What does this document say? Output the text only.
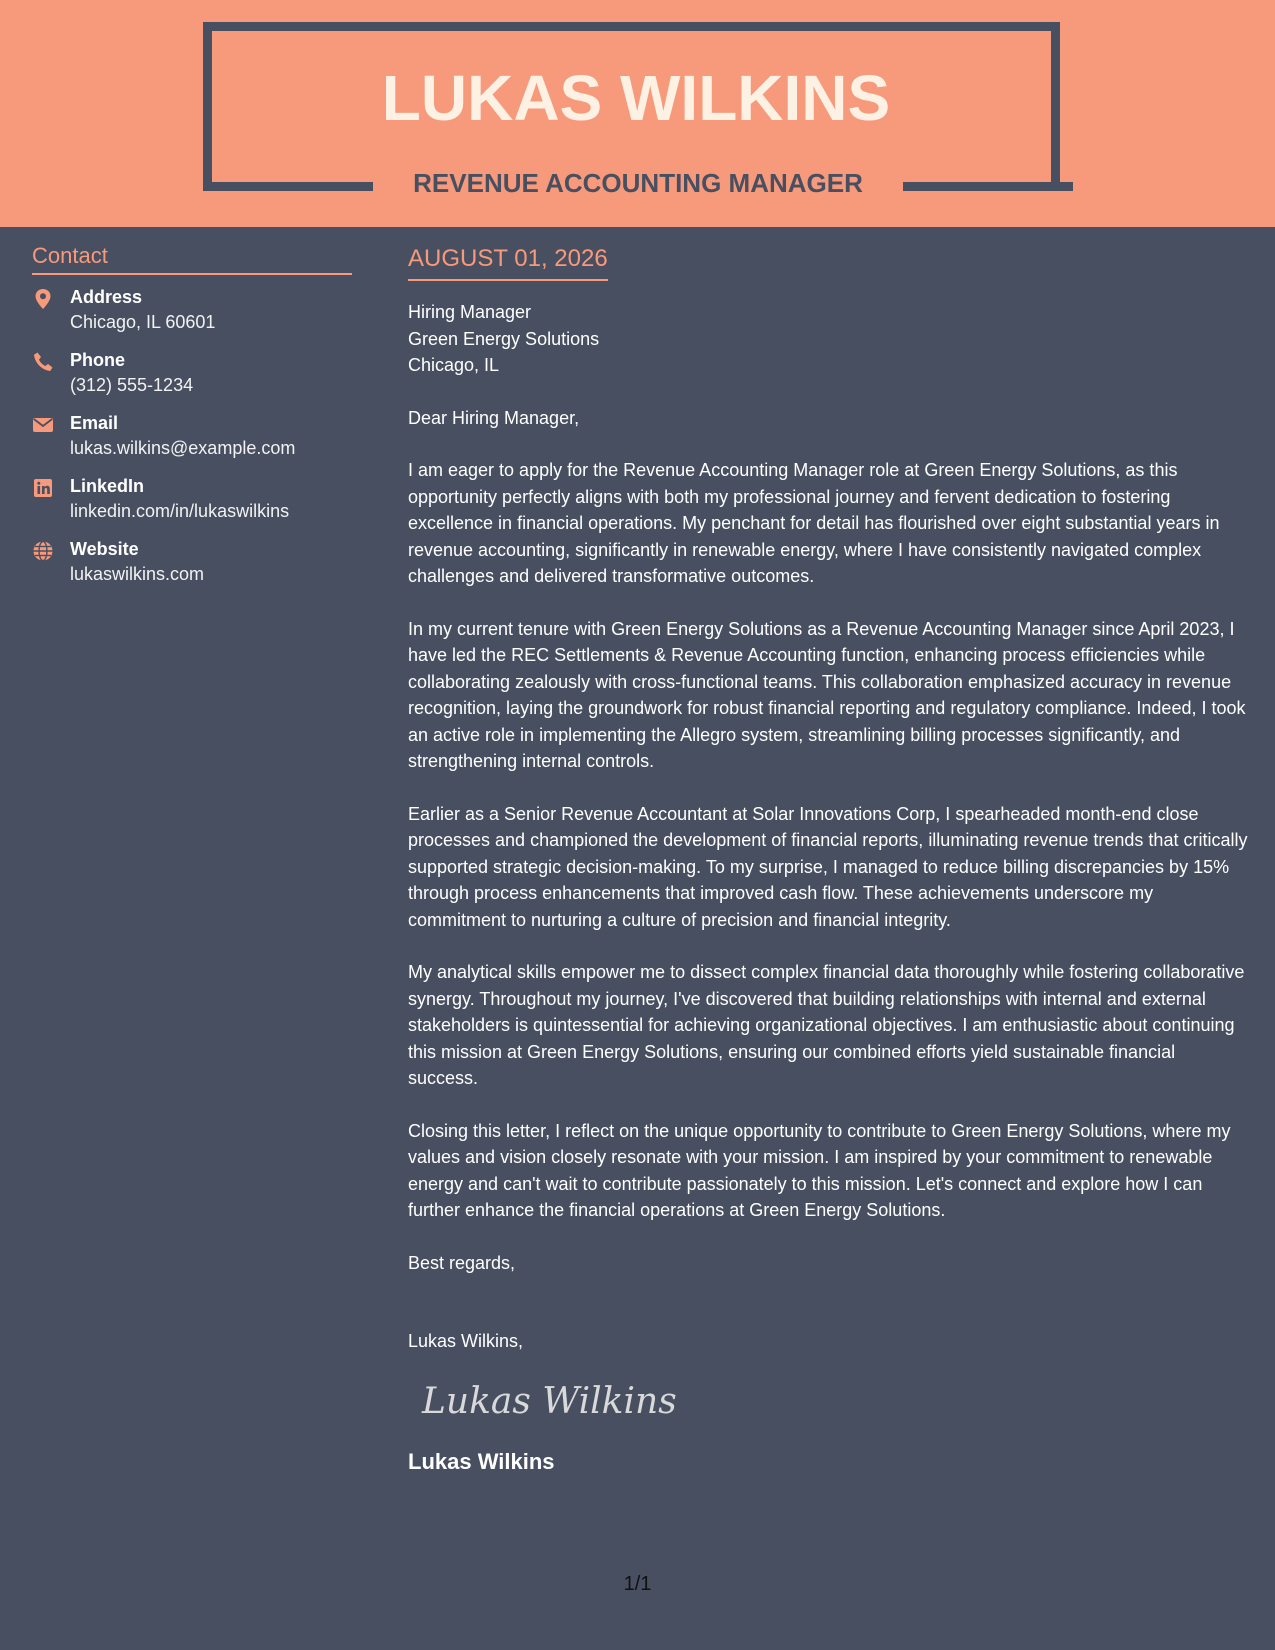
LUKAS WILKINS
REVENUE ACCOUNTING MANAGER
Contact
Address
Chicago, IL 60601
Phone
(312) 555-1234
Email
lukas.wilkins@example.com
LinkedIn
linkedin.com/in/lukaswilkins
Website
lukaswilkins.com
AUGUST 01, 2026
Hiring Manager
Green Energy Solutions
Chicago, IL
Dear Hiring Manager,
I am eager to apply for the Revenue Accounting Manager role at Green Energy Solutions, as this opportunity perfectly aligns with both my professional journey and fervent dedication to fostering excellence in financial operations. My penchant for detail has flourished over eight substantial years in revenue accounting, significantly in renewable energy, where I have consistently navigated complex challenges and delivered transformative outcomes.
In my current tenure with Green Energy Solutions as a Revenue Accounting Manager since April 2023, I have led the REC Settlements & Revenue Accounting function, enhancing process efficiencies while collaborating zealously with cross-functional teams. This collaboration emphasized accuracy in revenue recognition, laying the groundwork for robust financial reporting and regulatory compliance. Indeed, I took an active role in implementing the Allegro system, streamlining billing processes significantly, and strengthening internal controls.
Earlier as a Senior Revenue Accountant at Solar Innovations Corp, I spearheaded month-end close processes and championed the development of financial reports, illuminating revenue trends that critically supported strategic decision-making. To my surprise, I managed to reduce billing discrepancies by 15% through process enhancements that improved cash flow. These achievements underscore my commitment to nurturing a culture of precision and financial integrity.
My analytical skills empower me to dissect complex financial data thoroughly while fostering collaborative synergy. Throughout my journey, I've discovered that building relationships with internal and external stakeholders is quintessential for achieving organizational objectives. I am enthusiastic about continuing this mission at Green Energy Solutions, ensuring our combined efforts yield sustainable financial success.
Closing this letter, I reflect on the unique opportunity to contribute to Green Energy Solutions, where my values and vision closely resonate with your mission. I am inspired by your commitment to renewable energy and can't wait to contribute passionately to this mission. Let's connect and explore how I can further enhance the financial operations at Green Energy Solutions.
Best regards,
Lukas Wilkins,
Lukas Wilkins
Lukas Wilkins
1/1
